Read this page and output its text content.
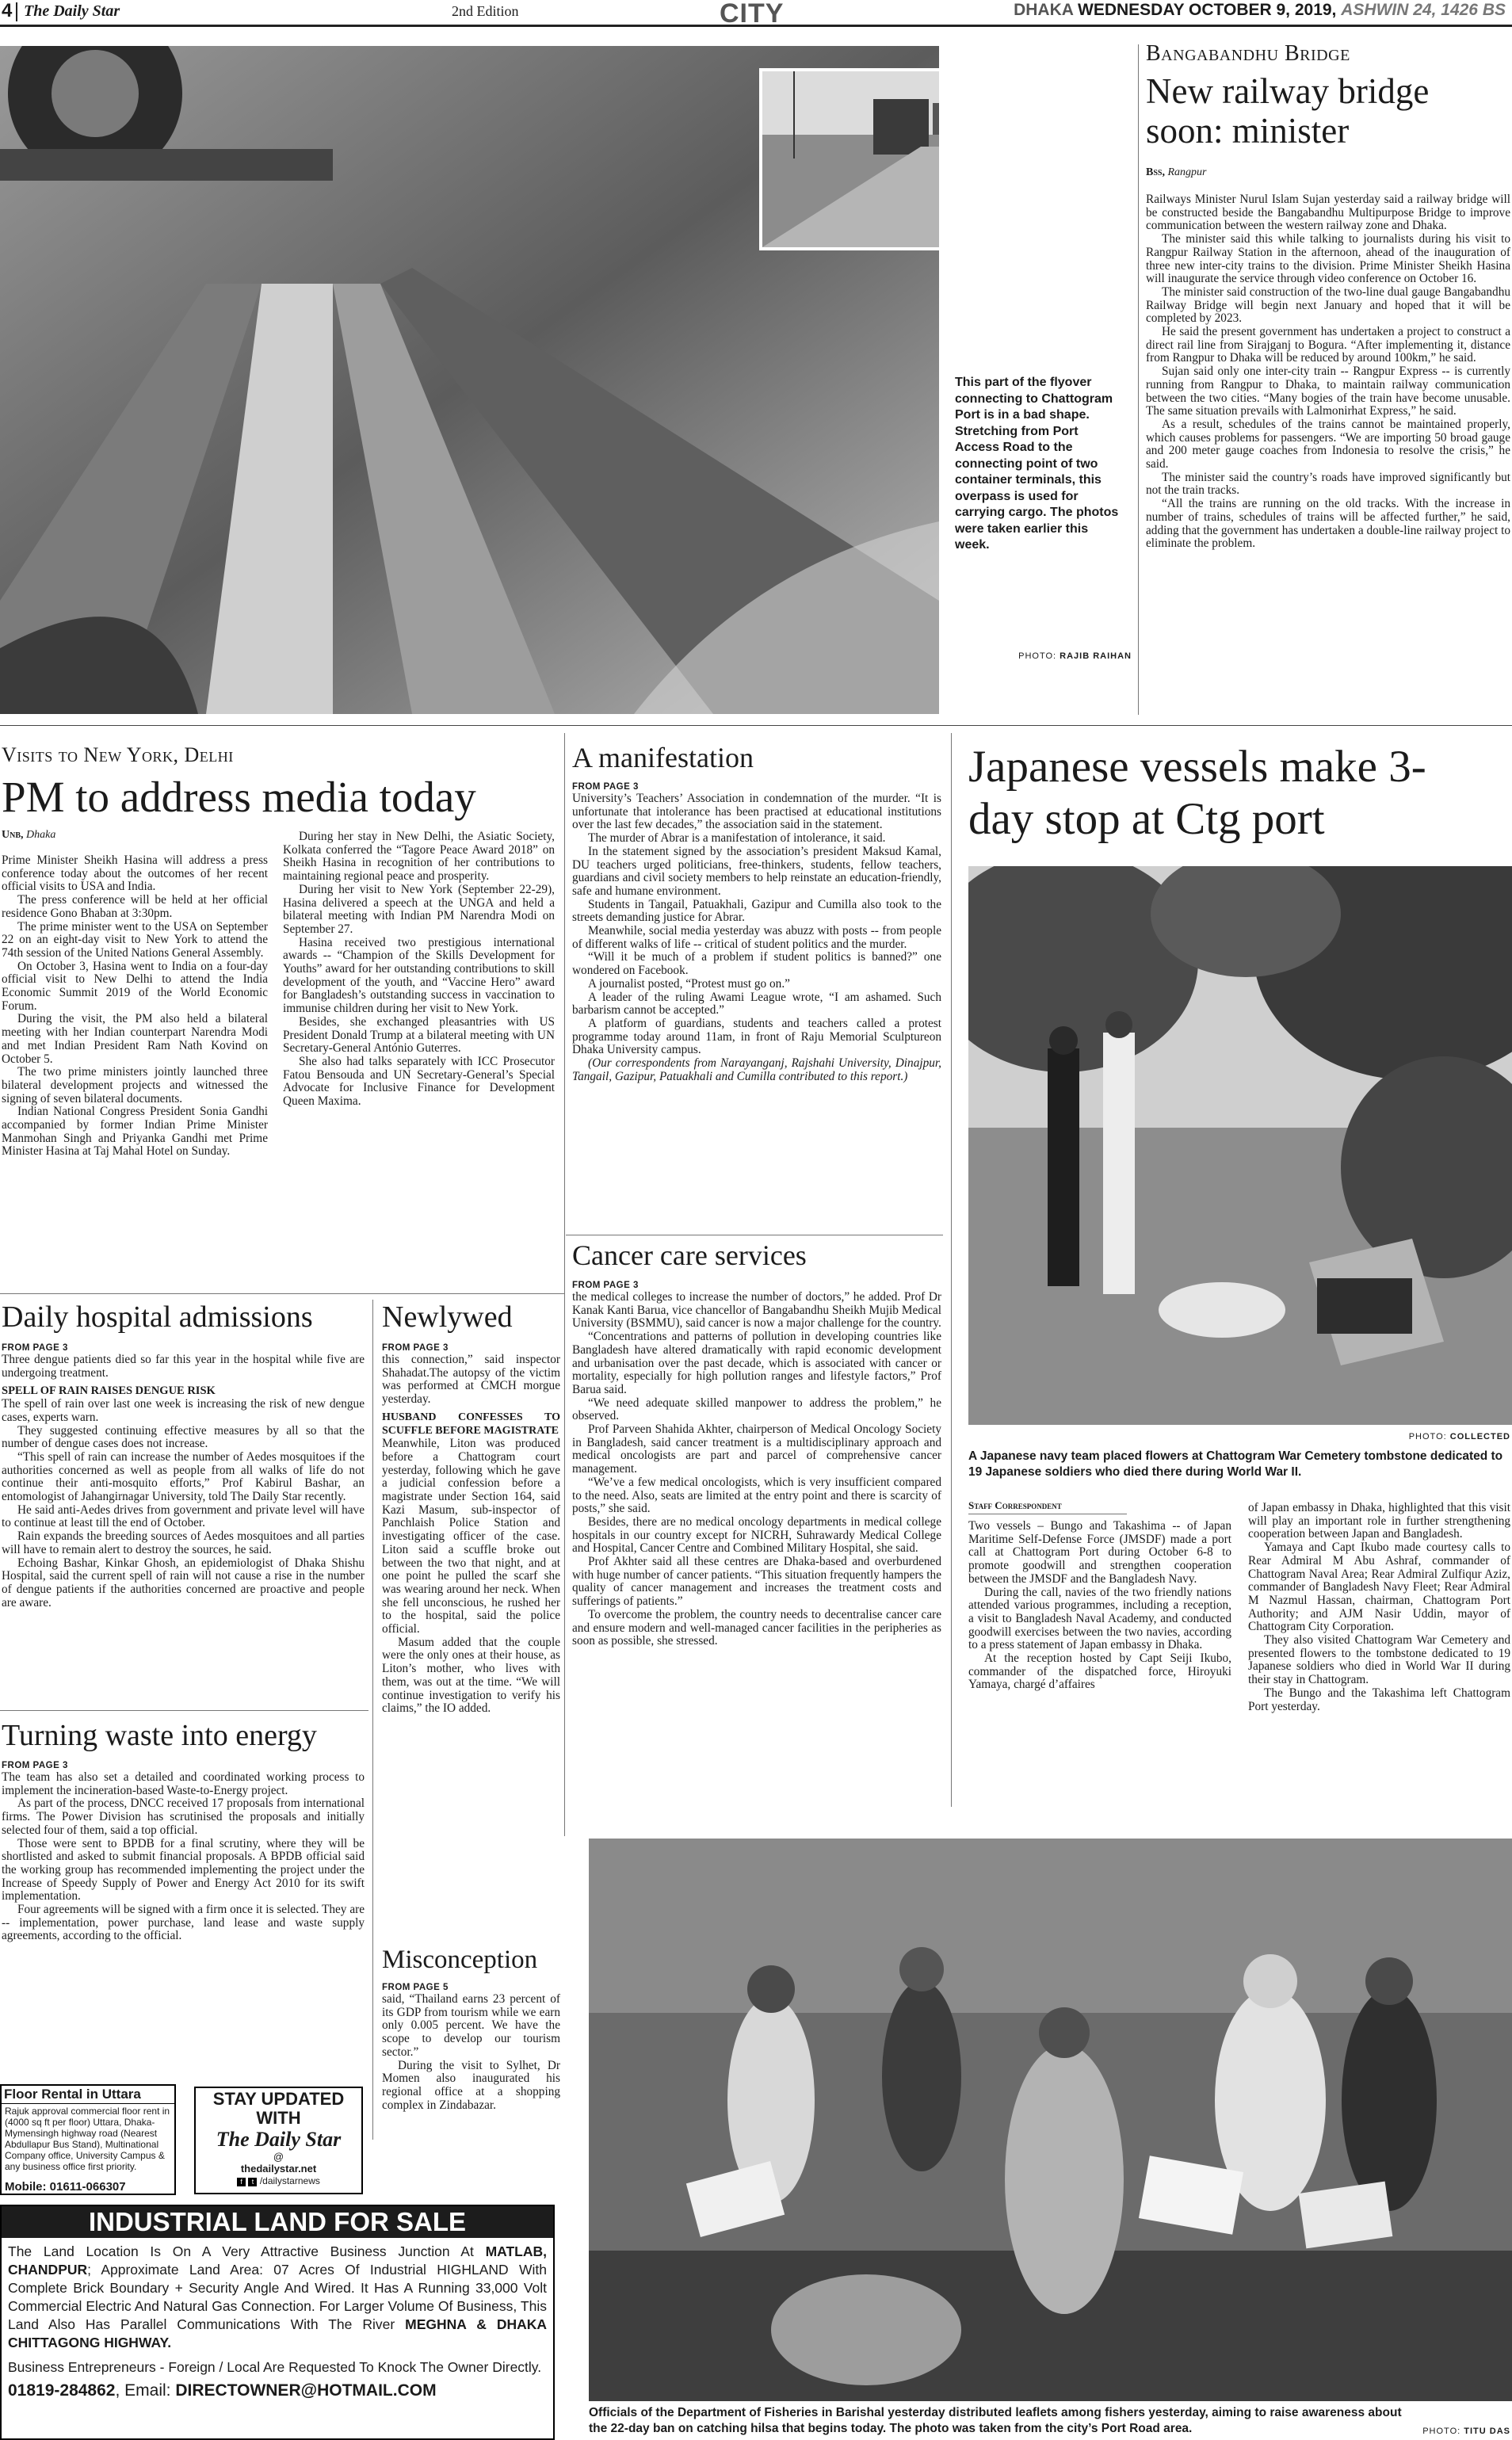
4 The Daily Star	2nd Edition	CITY	DHAKA WEDNESDAY OCTOBER 9, 2019, ASHWIN 24, 1426 BS
This part of the flyover connecting to Chattogram Port is in a bad shape. Stretching from Port Access Road to the connecting point of two container terminals, this overpass is used for carrying cargo. The photos were taken earlier this week.
PHOTO: RAJIB RAIHAN
Bangabandhu Bridge
New railway bridge soon: minister
Bss, Rangpur

Railways Minister Nurul Islam Sujan yesterday said a railway bridge will be constructed beside the Bangabandhu Multipurpose Bridge to improve communication between the western railway zone and Dhaka.

The minister said this while talking to journalists during his visit to Rangpur Railway Station in the afternoon, ahead of the inauguration of three new inter-city trains to the division. Prime Minister Sheikh Hasina will inaugurate the service through video conference on October 16.

The minister said construction of the two-line dual gauge Bangabandhu Railway Bridge will begin next January and hoped that it will be completed by 2023.

He said the present government has undertaken a project to construct a direct rail line from Sirajganj to Bogura. “After implementing it, distance from Rangpur to Dhaka will be reduced by around 100km,” he said.

Sujan said only one inter-city train -- Rangpur Express -- is currently running from Rangpur to Dhaka, to maintain railway communication between the two cities. “Many bogies of the train have become unusable. The same situation prevails with Lalmonirhat Express,” he said.

As a result, schedules of the trains cannot be maintained properly, which causes problems for passengers. “We are importing 50 broad gauge and 200 meter gauge coaches from Indonesia to resolve the crisis,” he said.

The minister said the country’s roads have improved significantly but not the train tracks.

“All the trains are running on the old tracks. With the increase in number of trains, schedules of trains will be affected further,” he said, adding that the government has undertaken a double-line railway project to eliminate the problem.

Visits to New York, Delhi
PM to address media today
Unb, Dhaka

Prime Minister Sheikh Hasina will address a press conference today about the outcomes of her recent official visits to USA and India.

The press conference will be held at her official residence Gono Bhaban at 3:30pm.

The prime minister went to the USA on September 22 on an eight-day visit to New York to attend the 74th session of the United Nations General Assembly.

On October 3, Hasina went to India on a four-day official visit to New Delhi to attend the India Economic Summit 2019 of the World Economic Forum.

During the visit, the PM also held a bilateral meeting with her Indian counterpart Narendra Modi and met Indian President Ram Nath Kovind on October 5.

The two prime ministers jointly launched three bilateral development projects and witnessed the signing of seven bilateral documents.

Indian National Congress President Sonia Gandhi accompanied by former Indian Prime Minister Manmohan Singh and Priyanka Gandhi met Prime Minister Hasina at Taj Mahal Hotel on Sunday.

During her stay in New Delhi, the Asiatic Society, Kolkata conferred the “Tagore Peace Award 2018” on Sheikh Hasina in recognition of her contributions to maintaining regional peace and prosperity.

During her visit to New York (September 22-29), Hasina delivered a speech at the UNGA and held a bilateral meeting with Indian PM Narendra Modi on September 27.

Hasina received two prestigious international awards -- “Champion of the Skills Development for Youths” award for her outstanding contributions to skill development of the youth, and “Vaccine Hero” award for Bangladesh’s outstanding success in vaccination to immunise children during her visit to New York.

Besides, she exchanged pleasantries with US President Donald Trump at a bilateral meeting with UN Secretary-General António Guterres.

She also had talks separately with ICC Prosecutor Fatou Bensouda and UN Secretary-General’s Special Advocate for Inclusive Finance for Development Queen Maxima.

A manifestation
FROM PAGE 3

University’s Teachers’ Association in condemnation of the murder. “It is unfortunate that intolerance has been practised at educational institutions over the last few decades,” the association said in the statement.

The murder of Abrar is a manifestation of intolerance, it said.

In the statement signed by the association’s president Maksud Kamal, DU teachers urged politicians, free-thinkers, students, fellow teachers, guardians and civil society members to help reinstate an education-friendly, safe and humane environment.

Students in Tangail, Patuakhali, Gazipur and Cumilla also took to the streets demanding justice for Abrar.

Meanwhile, social media yesterday was abuzz with posts -- from people of different walks of life -- critical of student politics and the murder.

“Will it be much of a problem if student politics is banned?” one wondered on Facebook.

A journalist posted, “Protest must go on.”

A leader of the ruling Awami League wrote, “I am ashamed. Such barbarism cannot be accepted.”

A platform of guardians, students and teachers called a protest programme today around 11am, in front of Raju Memorial Sculptureon Dhaka University campus.

(Our correspondents from Narayanganj, Rajshahi University, Dinajpur, Tangail, Gazipur, Patuakhali and Cumilla contributed to this report.)

Cancer care services
FROM PAGE 3

the medical colleges to increase the number of doctors,” he added. Prof Dr Kanak Kanti Barua, vice chancellor of Bangabandhu Sheikh Mujib Medical University (BSMMU), said cancer is now a major challenge for the country.

“Concentrations and patterns of pollution in developing countries like Bangladesh have altered dramatically with rapid economic development and urbanisation over the past decade, which is associated with cancer or mortality, especially for high pollution ranges and lifestyle factors,” Prof Barua said.

“We need adequate skilled manpower to address the problem,” he observed.

Prof Parveen Shahida Akhter, chairperson of Medical Oncology Society in Bangladesh, said cancer treatment is a multidisciplinary approach and medical oncologists are part and parcel of comprehensive cancer management.

“We’ve a few medical oncologists, which is very insufficient compared to the need. Also, seats are limited at the entry point and there is scarcity of posts,” she said.

Besides, there are no medical oncology departments in medical college hospitals in our country except for NICRH, Suhrawardy Medical College and Hospital, Cancer Centre and Combined Military Hospital, she said.

Prof Akhter said all these centres are Dhaka-based and overburdened with huge number of cancer patients. “This situation frequently hampers the quality of cancer management and increases the treatment costs and sufferings of patients.”

To overcome the problem, the country needs to decentralise cancer care and ensure modern and well-managed cancer facilities in the peripheries as soon as possible, she stressed.

Japanese vessels make 3-day stop at Ctg port
PHOTO: COLLECTED
A Japanese navy team placed flowers at Chattogram War Cemetery tombstone dedicated to 19 Japanese soldiers who died there during World War II.
Staff Correspondent

Two vessels – Bungo and Takashima -- of Japan Maritime Self-Defense Force (JMSDF) made a port call at Chattogram Port during October 6-8 to promote goodwill and strengthen cooperation between the JMSDF and the Bangladesh Navy.

During the call, navies of the two friendly nations attended various programmes, including a reception, a visit to Bangladesh Naval Academy, and conducted goodwill exercises between the two navies, according to a press statement of Japan embassy in Dhaka.

At the reception hosted by Capt Seiji Ikubo, commander of the dispatched force, Hiroyuki Yamaya, chargé d’affaires

of Japan embassy in Dhaka, highlighted that this visit will play an important role in further strengthening cooperation between Japan and Bangladesh.

Yamaya and Capt Ikubo made courtesy calls to Rear Admiral M Abu Ashraf, commander of Chattogram Naval Area; Rear Admiral Zulfiqur Aziz, commander of Bangladesh Navy Fleet; Rear Admiral M Nazmul Hassan, chairman, Chattogram Port Authority; and AJM Nasir Uddin, mayor of Chattogram City Corporation.

They also visited Chattogram War Cemetery and presented flowers to the tombstone dedicated to 19 Japanese soldiers who died in World War II during their stay in Chattogram.

The Bungo and the Takashima left Chattogram Port yesterday.

Daily hospital admissions
FROM PAGE 3

Three dengue patients died so far this year in the hospital while five are undergoing treatment.

SPELL OF RAIN RAISES DENGUE RISK

The spell of rain over last one week is increasing the risk of new dengue cases, experts warn.

They suggested continuing effective measures by all so that the number of dengue cases does not increase.

“This spell of rain can increase the number of Aedes mosquitoes if the authorities concerned as well as people from all walks of life do not continue their anti-mosquito efforts,” Prof Kabirul Bashar, an entomologist of Jahangirnagar University, told The Daily Star recently.

He said anti-Aedes drives from government and private level will have to continue at least till the end of October.

Rain expands the breeding sources of Aedes mosquitoes and all parties will have to remain alert to destroy the sources, he said.

Echoing Bashar, Kinkar Ghosh, an epidemiologist of Dhaka Shishu Hospital, said the current spell of rain will not cause a rise in the number of dengue patients if the authorities concerned are proactive and people are aware.

Turning waste into energy
FROM PAGE 3

The team has also set a detailed and coordinated working process to implement the incineration-based Waste-to-Energy project.

As part of the process, DNCC received 17 proposals from international firms. The Power Division has scrutinised the proposals and initially selected four of them, said a top official.

Those were sent to BPDB for a final scrutiny, where they will be shortlisted and asked to submit financial proposals. A BPDB official said the working group has recommended implementing the project under the Increase of Speedy Supply of Power and Energy Act 2010 for its swift implementation.

Four agreements will be signed with a firm once it is selected. They are -- implementation, power purchase, land lease and waste supply agreements, according to the official.

Newlywed
FROM PAGE 3

this connection,” said inspector Shahadat.The autopsy of the victim was performed at CMCH morgue yesterday.

HUSBAND CONFESSES TO SCUFFLE BEFORE MAGISTRATE

Meanwhile, Liton was produced before a Chattogram court yesterday, following which he gave a judicial confession before a magistrate under Section 164, said Kazi Masum, sub-inspector of Panchlaish Police Station and investigating officer of the case. Liton said a scuffle broke out between the two that night, and at one point he pulled the scarf she was wearing around her neck. When she fell unconscious, he rushed her to the hospital, said the police official.

Masum added that the couple were the only ones at their house, as Liton’s mother, who lives with them, was out at the time. “We will continue investigation to verify his claims,” the IO added.

Misconception
FROM PAGE 5

said, “Thailand earns 23 percent of its GDP from tourism while we earn only 0.005 percent. We have the scope to develop our tourism sector.”

During the visit to Sylhet, Dr Momen also inaugurated his regional office at a shopping complex in Zindabazar.

Floor Rental in Uttara
Rajuk approval commercial floor rent in (4000 sq ft per floor) Uttara, Dhaka-Mymensingh highway road (Nearest Abdullapur Bus Stand), Multinational Company office, University Campus & any business office first priority.
Mobile: 01611-066307
STAY UPDATED
WITH
The Daily Star
@
thedailystar.net
f t /dailystarnews
INDUSTRIAL LAND FOR SALE
The Land Location Is On A Very Attractive Business Junction At MATLAB, CHANDPUR; Approximate Land Area: 07 Acres Of Industrial HIGHLAND With Complete Brick Boundary + Security Angle And Wired. It Has A Running 33,000 Volt Commercial Electric And Natural Gas Connection. For Larger Volume Of Business, This Land Also Has Parallel Communications With The River MEGHNA & DHAKA CHITTAGONG HIGHWAY.
Business Entrepreneurs - Foreign / Local Are Requested To Knock The Owner Directly.
01819-284862, Email: DIRECTOWNER@HOTMAIL.COM
Officials of the Department of Fisheries in Barishal yesterday distributed leaflets among fishers yesterday, aiming to raise awareness about the 22-day ban on catching hilsa that begins today. The photo was taken from the city’s Port Road area.	PHOTO: TITU DAS
